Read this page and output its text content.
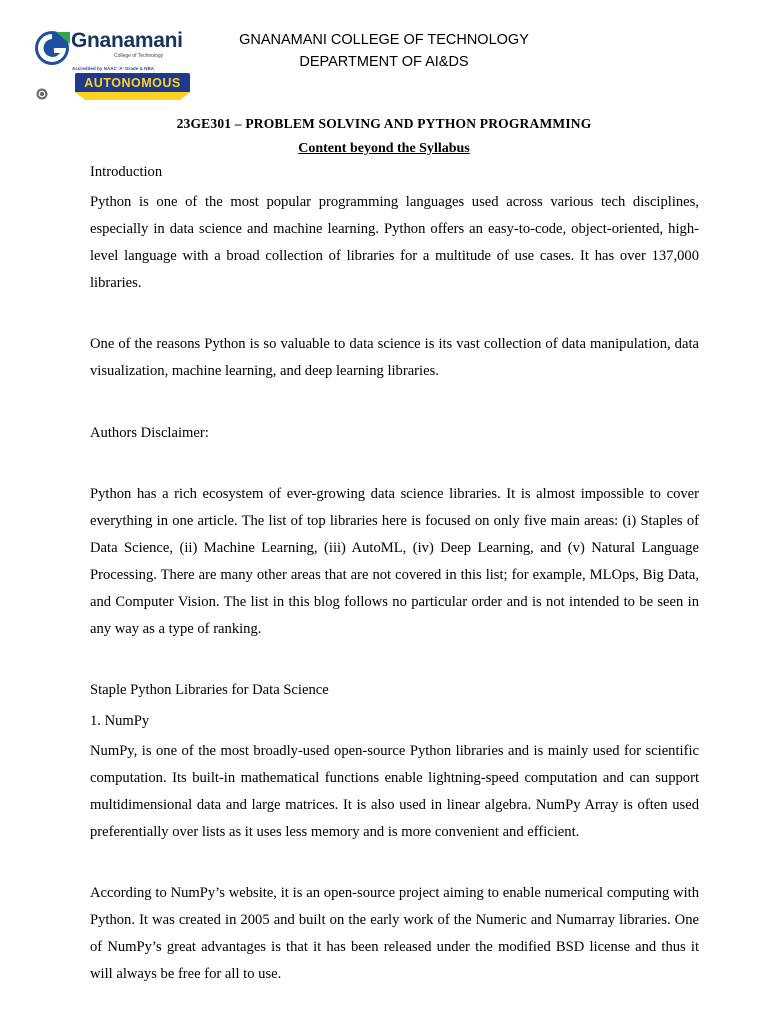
Gnanamani
College of Technology
Accredited by NAAC 'A' Grade & NBA
AUTONOMOUS
GNANAMANI COLLEGE OF TECHNOLOGY
DEPARTMENT OF AI&DS
23GE301 – PROBLEM SOLVING AND PYTHON PROGRAMMING
Content beyond the Syllabus
Introduction
Python is one of the most popular programming languages used across various tech disciplines, especially in data science and machine learning. Python offers an easy-to-code, object-oriented, high-level language with a broad collection of libraries for a multitude of use cases. It has over 137,000 libraries.
One of the reasons Python is so valuable to data science is its vast collection of data manipulation, data visualization, machine learning, and deep learning libraries.
Authors Disclaimer:
Python has a rich ecosystem of ever-growing data science libraries. It is almost impossible to cover everything in one article. The list of top libraries here is focused on only five main areas: (i) Staples of Data Science, (ii) Machine Learning, (iii) AutoML, (iv) Deep Learning, and (v) Natural Language Processing. There are many other areas that are not covered in this list; for example, MLOps, Big Data, and Computer Vision. The list in this blog follows no particular order and is not intended to be seen in any way as a type of ranking.
Staple Python Libraries for Data Science
1. NumPy
NumPy, is one of the most broadly-used open-source Python libraries and is mainly used for scientific computation. Its built-in mathematical functions enable lightning-speed computation and can support multidimensional data and large matrices. It is also used in linear algebra. NumPy Array is often used preferentially over lists as it uses less memory and is more convenient and efficient.
According to NumPy’s website, it is an open-source project aiming to enable numerical computing with Python. It was created in 2005 and built on the early work of the Numeric and Numarray libraries. One of NumPy’s great advantages is that it has been released under the modified BSD license and thus it will always be free for all to use.
